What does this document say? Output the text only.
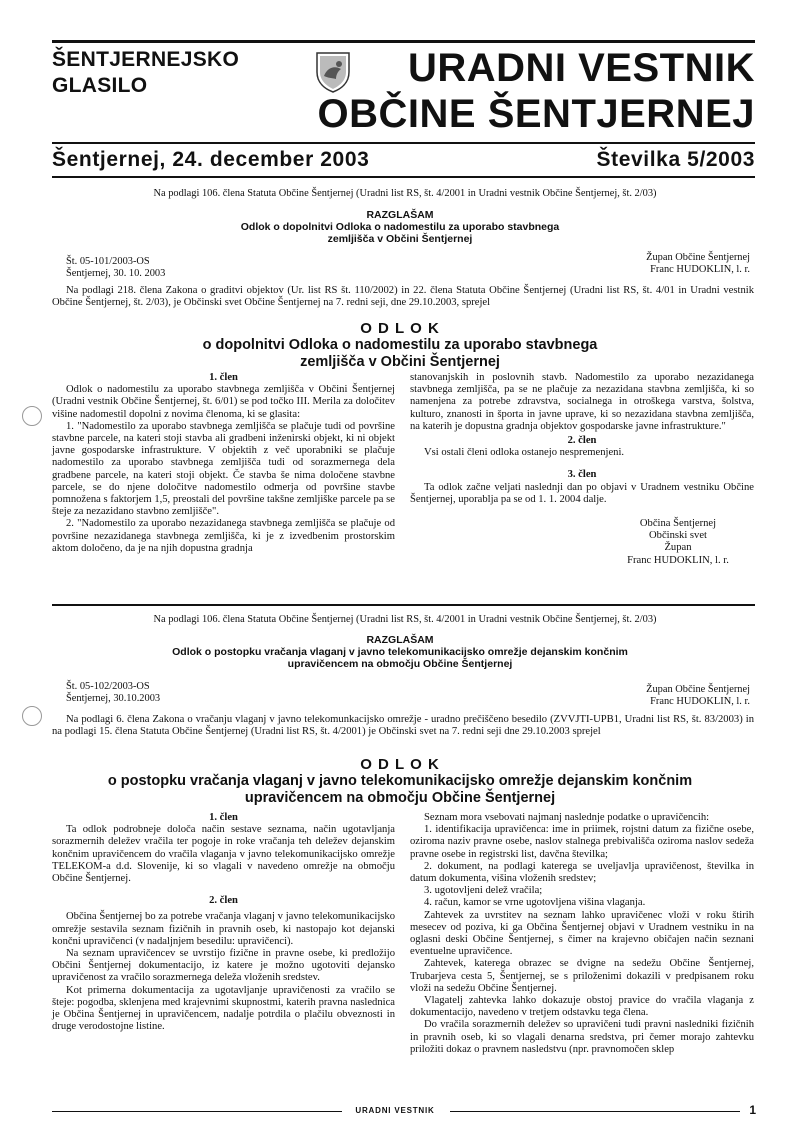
ŠENTJERNEJSKO
GLASILO	URADNI VESTNIK
OBČINE ŠENTJERNEJ
Šentjernej, 24. december 2003	Številka 5/2003
Na podlagi 106. člena Statuta Občine Šentjernej (Uradni list RS, št. 4/2001 in Uradni vestnik Občine Šentjernej, št. 2/03)
RAZGLAŠAM
Odlok o dopolnitvi Odloka o nadomestilu za uporabo stavbnega
zemljišča v Občini Šentjernej
Št. 05-101/2003-OS
Šentjernej, 30. 10. 2003
Župan Občine Šentjernej
Franc HUDOKLIN, l. r.

Na podlagi 218. člena Zakona o graditvi objektov (Ur. list RS št. 110/2002) in 22. člena Statuta Občine Šentjernej (Uradni list RS, št. 4/01 in Uradni vestnik Občine Šentjernej, št. 2/03), je Občinski svet Občine Šentjernej na 7. redni seji, dne 29.10.2003, sprejel

O D L O K
o dopolnitvi Odloka o nadomestilu za uporabo stavbnega
zemljišča v Občini Šentjernej
1. člen

Odlok o nadomestilu za uporabo stavbnega zemljišča v Občini Šentjernej (Uradni vestnik Občine Šentjernej, št. 6/01) se pod točko III. Merila za določitev višine nadomestil dopolni z novima členoma, ki se glasita:

1. "Nadomestilo za uporabo stavbnega zemljišča se plačuje tudi od površine stavbne parcele, na kateri stoji stavba ali gradbeni inženirski objekt, ki ni objekt javne gospodarske infrastrukture. V objektih z več uporabniki se plačuje nadomestilo za uporabo stavbnega zemljišča tudi od sorazmernega dela gradbene parcele, na kateri stoji objekt. Če stavba še nima določene stavbne parcele, se do njene določitve nadomestilo odmerja od površine stavbe pomnožena s faktorjem 1,5, preostali del površine takšne zemljiške parcele pa se šteje za nezazidano stavbno zemljišče".

2. "Nadomestilo za uporabo nezazidanega stavbnega zemljišča se plačuje od površine nezazidanega stavbnega zemljišča, ki je z izvedbenim prostorskim aktom določeno, da je na njih dopustna gradnja

stanovanjskih in poslovnih stavb. Nadomestilo za uporabo nezazidanega stavbnega zemljišča, pa se ne plačuje za nezazidana stavbna zemljišča, ki so namenjena za potrebe zdravstva, socialnega in otroškega varstva, šolstva, kulturo, znanosti in športa in javne uprave, ki so nezazidana stavbna zemljišča, na katerih je dopustna gradnja objektov gospodarske javne infrastrukture."

2. člen

Vsi ostali členi odloka ostanejo nespremenjeni.

3. člen

Ta odlok začne veljati naslednji dan po objavi v Uradnem vestniku Občine Šentjernej, uporablja pa se od 1. 1. 2004 dalje.

Občina Šentjernej
Občinski svet
Župan
Franc HUDOKLIN, l. r.
Na podlagi 106. člena Statuta Občine Šentjernej (Uradni list RS, št. 4/2001 in Uradni vestnik Občine Šentjernej, št. 2/03)
RAZGLAŠAM
Odlok o postopku vračanja vlaganj v javno telekomunikacijsko omrežje dejanskim končnim
upravičencem na območju Občine Šentjernej
Št. 05-102/2003-OS
Šentjernej, 30.10.2003
Župan Občine Šentjernej
Franc HUDOKLIN, l. r.

Na podlagi 6. člena Zakona o vračanju vlaganj v javno telekomunkacijsko omrežje - uradno prečiščeno besedilo (ZVVJTI-UPB1, Uradni list RS, št. 83/2003) in na podlagi 15. člena Statuta Občine Šentjernej (Uradni list RS, št. 4/2001) je Občinski svet na 7. redni seji dne 29.10.2003 sprejel

O D L O K
o postopku vračanja vlaganj v javno telekomunikacijsko omrežje dejanskim končnim
upravičencem na območju Občine Šentjernej
1. člen

Ta odlok podrobneje določa način sestave seznama, način ugotavljanja sorazmernih deležev vračila ter pogoje in roke vračanja teh deležev dejanskim končnim upravičencem do vračila vlaganja v javno telekomunikacijsko omrežje TELEKOM-a d.d. Slovenije, ki so vlagali v navedeno omrežje na območju Občine Šentjernej.

2. člen

Občina Šentjernej bo za potrebe vračanja vlaganj v javno telekomunikacijsko omrežje sestavila seznam fizičnih in pravnih oseb, ki nastopajo kot dejanski končni upravičenci (v nadaljnjem besedilu: upravičenci).

Na seznam upravičencev se uvrstijo fizične in pravne osebe, ki predložijo Občini Šentjernej dokumentacijo, iz katere je možno ugotoviti dejansko upravičenost za vračilo sorazmernega deleža vloženih sredstev.

Kot primerna dokumentacija za ugotavljanje upravičenosti za vračilo se šteje: pogodba, sklenjena med krajevnimi skupnostmi, katerih pravna naslednica je Občina Šentjernej in upravičencem, nadalje potrdila o plačilu obveznosti in druge verodostojne listine.

Seznam mora vsebovati najmanj naslednje podatke o upravičencih:

1. identifikacija upravičenca: ime in priimek, rojstni datum za fizične osebe, oziroma naziv pravne osebe, naslov stalnega prebivališča oziroma naslov sedeža pravne osebe in registrski list, davčna številka;

2. dokument, na podlagi katerega se uveljavlja upravičenost, številka in datum dokumenta, višina vloženih sredstev;

3. ugotovljeni delež vračila;

4. račun, kamor se vrne ugotovljena višina vlaganja.

Zahtevek za uvrstitev na seznam lahko upravičenec vloži v roku štirih mesecev od poziva, ki ga Občina Šentjernej objavi v Uradnem vestniku in na oglasni deski Občine Šentjernej, s čimer na krajevno običajen način seznani eventuelne upravičence.

Zahtevek, katerega obrazec se dvigne na sedežu Občine Šentjernej, Trubarjeva cesta 5, Šentjernej, se s priloženimi dokazili v predpisanem roku vloži na sedežu Občine Šentjernej.

Vlagatelj zahtevka lahko dokazuje obstoj pravice do vračila vlaganja z dokumentacijo, navedeno v tretjem odstavku tega člena.

Do vračila sorazmernih deležev so upravičeni tudi pravni nasledniki fizičnih in pravnih oseb, ki so vlagali denarna sredstva, pri čemer morajo zahtevku priložiti dokaz o pravnem nasledstvu (npr. pravnomočen sklep

URADNI VESTNIK	1
